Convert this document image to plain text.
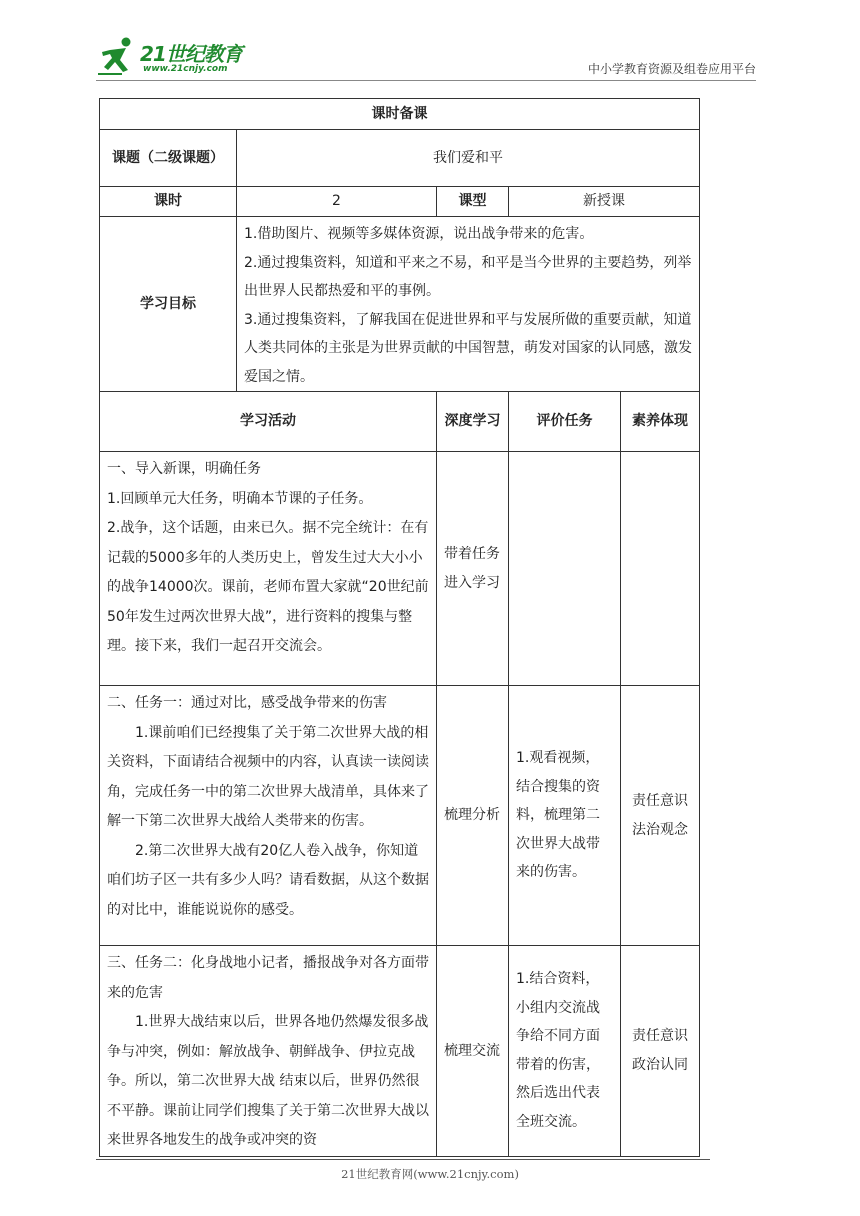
21世纪教育
www.21cnjy.com	中小学教育资源及组卷应用平台
课时备课				
课题（二级课题）	我们爱和平			
课时	2	课型	新授课	
学习目标	1.借助图片、视频等多媒体资源，说出战争带来的危害。

2.通过搜集资料，知道和平来之不易，和平是当今世界的主要趋势，列举出世界人民都热爱和平的事例。

3.通过搜集资料，了解我国在促进世界和平与发展所做的重要贡献，知道人类共同体的主张是为世界贡献的中国智慧，萌发对国家的认同感，激发爱国之情。			

学习活动		深度学习	评价任务	素养体现

一、导入新课，明确任务

1.回顾单元大任务，明确本节课的子任务。

2.战争，这个话题，由来已久。据不完全统计：在有记载的5000多年的人类历史上，曾发生过大大小小的战争14000次。课前，老师布置大家就“20世纪前50年发生过两次世界大战”，进行资料的搜集与整理。接下来，我们一起召开交流会。		带着任务进入学习		

二、任务一：通过对比，感受战争带来的伤害

1.课前咱们已经搜集了关于第二次世界大战的相关资料，下面请结合视频中的内容，认真读一读阅读角，完成任务一中的第二次世界大战清单，具体来了解一下第二次世界大战给人类带来的伤害。

2.第二次世界大战有20亿人卷入战争，你知道咱们坊子区一共有多少人吗？请看数据，从这个数据的对比中，谁能说说你的感受。		梳理分析	1.观看视频，结合搜集的资料，梳理第二次世界大战带来的伤害。	责任意识 法治观念

三、任务二：化身战地小记者，播报战争对各方面带来的危害

1.世界大战结束以后，世界各地仍然爆发很多战争与冲突，例如：解放战争、朝鲜战争、伊拉克战争。所以，第二次世界大战 结束以后，世界仍然很不平静。课前让同学们搜集了关于第二次世界大战以来世界各地发生的战争或冲突的资		梳理交流	1.结合资料，小组内交流战争给不同方面带着的伤害，然后选出代表全班交流。	责任意识 政治认同
21世纪教育网(www.21cnjy.com)
